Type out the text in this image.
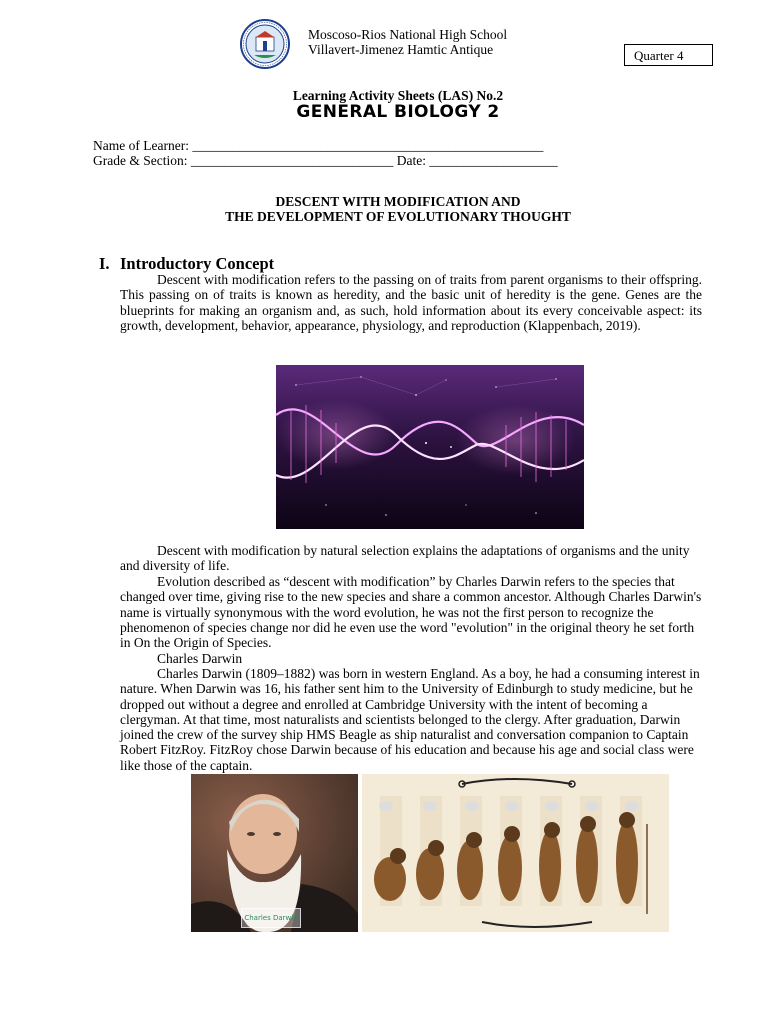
Moscoso-Rios National High School
Villavert-Jimenez Hamtic Antique	Quarter 4
Learning Activity Sheets (LAS) No.2
GENERAL BIOLOGY 2
Name of Learner: ____________________________________________________
Grade & Section: ______________________________ Date: ___________________
DESCENT WITH MODIFICATION AND
THE DEVELOPMENT OF EVOLUTIONARY THOUGHT
I. Introductory Concept

Descent with modification refers to the passing on of traits from parent organisms to their offspring. This passing on of traits is known as heredity, and the basic unit of heredity is the gene. Genes are the blueprints for making an organism and, as such, hold information about its every conceivable aspect: its growth, development, behavior, appearance, physiology, and reproduction (Klappenbach, 2019).

Descent with modification by natural selection explains the adaptations of organisms and the unity and diversity of life.

Evolution described as “descent with modification” by Charles Darwin refers to the species that changed over time, giving rise to the new species and share a common ancestor. Although Charles Darwin's name is virtually synonymous with the word evolution, he was not the first person to recognize the phenomenon of species change nor did he even use the word "evolution" in the original theory he set forth in On the Origin of Species.

Charles Darwin

Charles Darwin (1809–1882) was born in western England. As a boy, he had a consuming interest in nature. When Darwin was 16, his father sent him to the University of Edinburgh to study medicine, but he dropped out without a degree and enrolled at Cambridge University with the intent of becoming a clergyman. At that time, most naturalists and scientists belonged to the clergy. After graduation, Darwin joined the crew of the survey ship HMS Beagle as ship naturalist and conversation companion to Captain Robert FitzRoy. FitzRoy chose Darwin because of his education and because his age and social class were like those of the captain.

Charles Darwin
